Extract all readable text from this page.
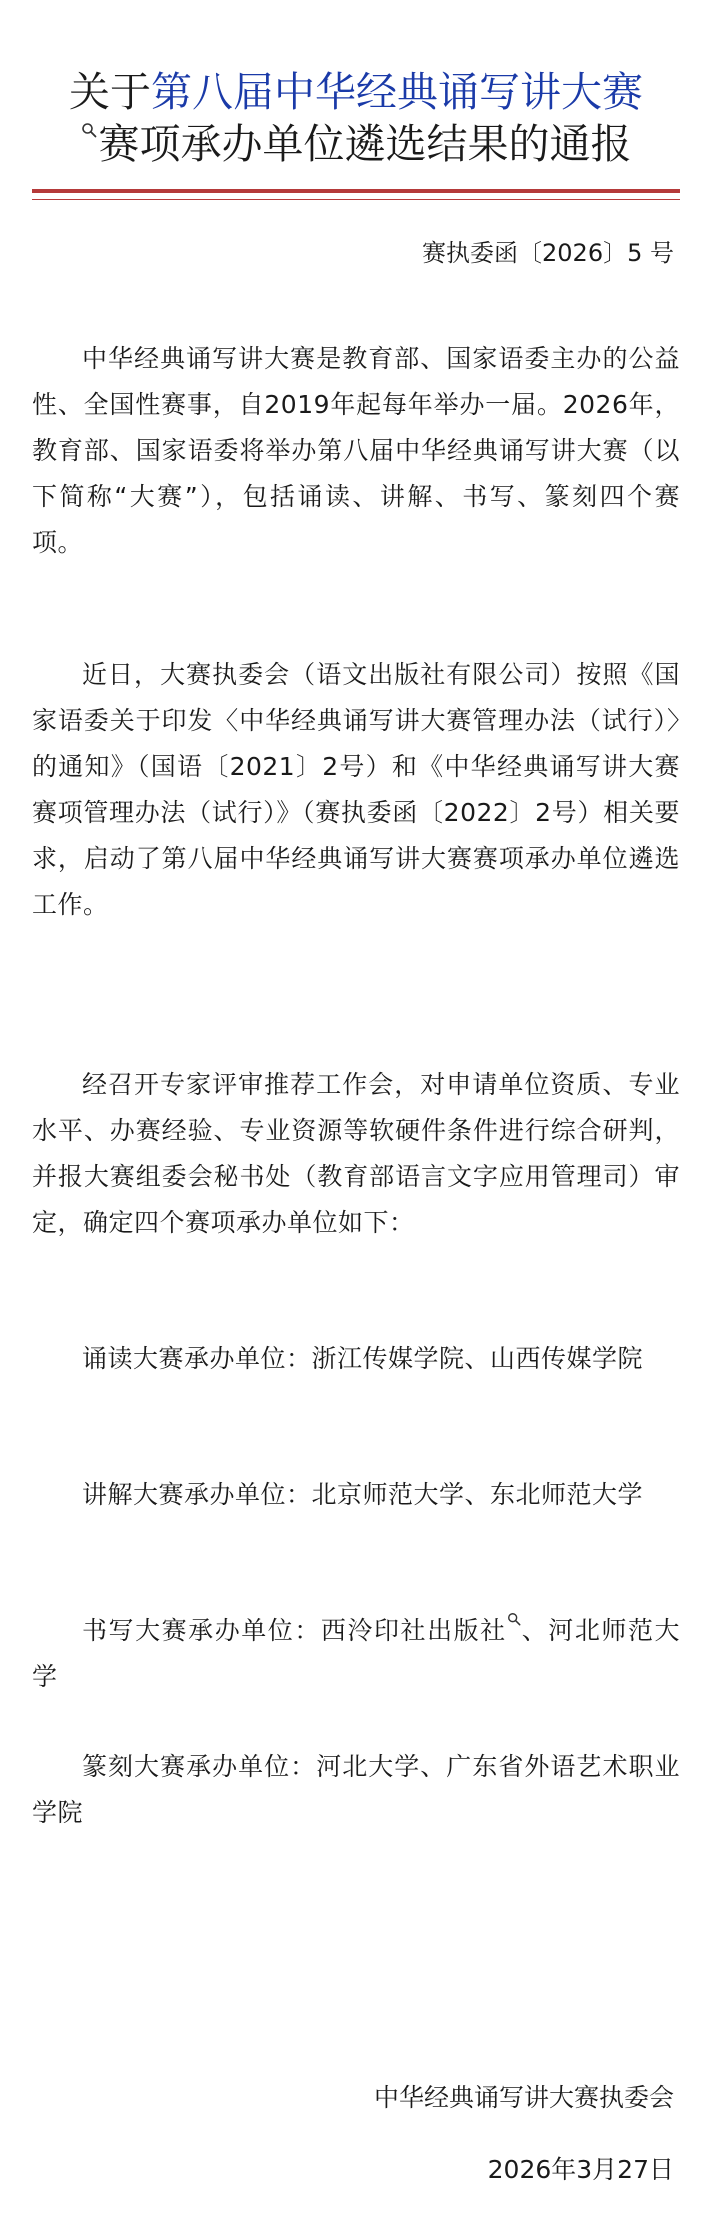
关于第八届中华经典诵写讲大赛
赛项承办单位遴选结果的通报
赛执委函〔2026〕5 号
中华经典诵写讲大赛是教育部、国家语委主办的公益性、全国性赛事，自2019年起每年举办一届。2026年，教育部、国家语委将举办第八届中华经典诵写讲大赛（以下简称“大赛”），包括诵读、讲解、书写、篆刻四个赛项。
近日，大赛执委会（语文出版社有限公司）按照《国家语委关于印发〈中华经典诵写讲大赛管理办法（试行）〉的通知》（国语〔2021〕2号）和《中华经典诵写讲大赛赛项管理办法（试行）》（赛执委函〔2022〕2号）相关要求，启动了第八届中华经典诵写讲大赛赛项承办单位遴选工作。
经召开专家评审推荐工作会，对申请单位资质、专业水平、办赛经验、专业资源等软硬件条件进行综合研判，并报大赛组委会秘书处（教育部语言文字应用管理司）审定，确定四个赛项承办单位如下：
诵读大赛承办单位：浙江传媒学院、山西传媒学院
讲解大赛承办单位：北京师范大学、东北师范大学
书写大赛承办单位：西泠印社出版社 、河北师范大学
篆刻大赛承办单位：河北大学、广东省外语艺术职业学院
中华经典诵写讲大赛执委会
2026年3月27日
